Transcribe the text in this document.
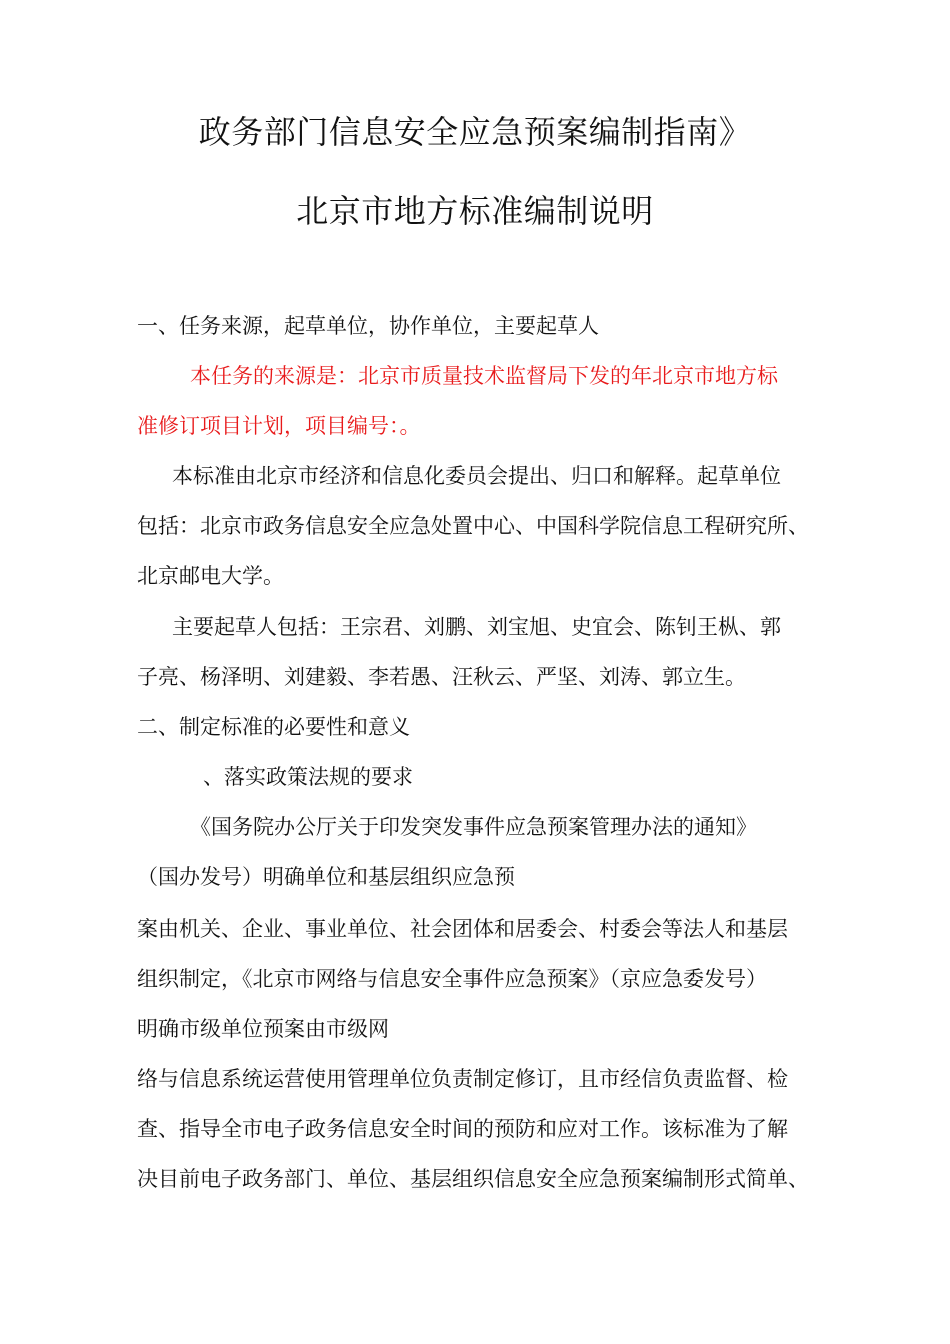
政务部门信息安全应急预案编制指南》
北京市地方标准编制说明
一、任务来源，起草单位，协作单位，主要起草人
本任务的来源是：北京市质量技术监督局下发的年北京市地方标
准修订项目计划，项目编号：。
本标准由北京市经济和信息化委员会提出、归口和解释。起草单位
包括：北京市政务信息安全应急处置中心、中国科学院信息工程研究所、
北京邮电大学。
主要起草人包括：王宗君、刘鹏、刘宝旭、史宜会、陈钊王枞、郭
子亮、杨泽明、刘建毅、李若愚、汪秋云、严坚、刘涛、郭立生。
二、制定标准的必要性和意义
、落实政策法规的要求
《国务院办公厅关于印发突发事件应急预案管理办法的通知》
（国办发号）明确单位和基层组织应急预
案由机关、企业、事业单位、社会团体和居委会、村委会等法人和基层
组织制定，《北京市网络与信息安全事件应急预案》（京应急委发号）
明确市级单位预案由市级网
络与信息系统运营使用管理单位负责制定修订，且市经信负责监督、检
查、指导全市电子政务信息安全时间的预防和应对工作。该标准为了解
决目前电子政务部门、单位、基层组织信息安全应急预案编制形式简单、
